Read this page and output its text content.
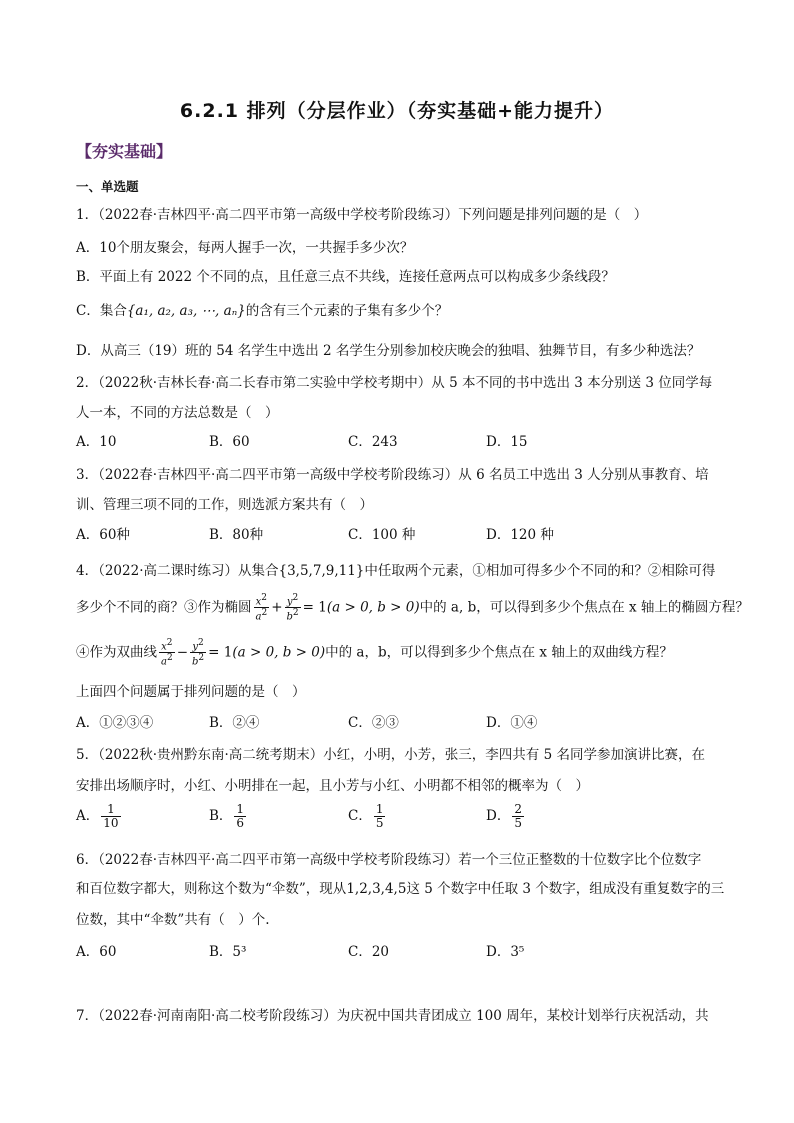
6.2.1 排列（分层作业）（夯实基础+能力提升）
【夯实基础】
一、单选题
1．（2022春·吉林四平·高二四平市第一高级中学校考阶段练习）下列问题是排列问题的是（　）
A．10个朋友聚会，每两人握手一次，一共握手多少次？
B．平面上有 2022 个不同的点，且任意三点不共线，连接任意两点可以构成多少条线段？
C．集合{a₁, a₂, a₃, ⋯, aₙ}的含有三个元素的子集有多少个？
D．从高三（19）班的 54 名学生中选出 2 名学生分别参加校庆晚会的独唱、独舞节目，有多少种选法？
2．（2022秋·吉林长春·高二长春市第二实验中学校考期中）从 5 本不同的书中选出 3 本分别送 3 位同学每
人一本，不同的方法总数是（　）
A．10	B．60	C．243	D．15
3．（2022春·吉林四平·高二四平市第一高级中学校考阶段练习）从 6 名员工中选出 3 人分别从事教育、培
训、管理三项不同的工作，则选派方案共有（　）
A．60种	B．80种	C．100 种	D．120 种
4．（2022·高二课时练习）从集合{3,5,7,9,11}中任取两个元素，①相加可得多少个不同的和？②相除可得
多少个不同的商？③作为椭圆 $\frac{x2}{a2} + \frac{y2}{b2} = 1(a > 0$, b > 0)中的 a, b，可以得到多少个焦点在 x 轴上的椭圆方程？
④作为双曲线 $\frac{x2}{a2} - \frac{y2}{b2} = 1(a > 0$, b > 0)中的 a，b，可以得到多少个焦点在 x 轴上的双曲线方程？
上面四个问题属于排列问题的是（　）
A．①②③④	B．②④	C．②③	D．①④
5．（2022秋·贵州黔东南·高二统考期末）小红，小明，小芳，张三，李四共有 5 名同学参加演讲比赛，在
安排出场顺序时，小红、小明排在一起，且小芳与小红、小明都不相邻的概率为（　）
A． $\frac{1}{10}$	B． $\frac{1}{6}$	C． $\frac{1}{5}$	D． $\frac{2}{5}$
6．（2022春·吉林四平·高二四平市第一高级中学校考阶段练习）若一个三位正整数的十位数字比个位数字
和百位数字都大，则称这个数为“伞数”，现从1,2,3,4,5这 5 个数字中任取 3 个数字，组成没有重复数字的三
位数，其中“伞数”共有（　）个.
A．60	B．5³	C．20	D．3⁵
7．（2022春·河南南阳·高二校考阶段练习）为庆祝中国共青团成立 100 周年，某校计划举行庆祝活动，共
